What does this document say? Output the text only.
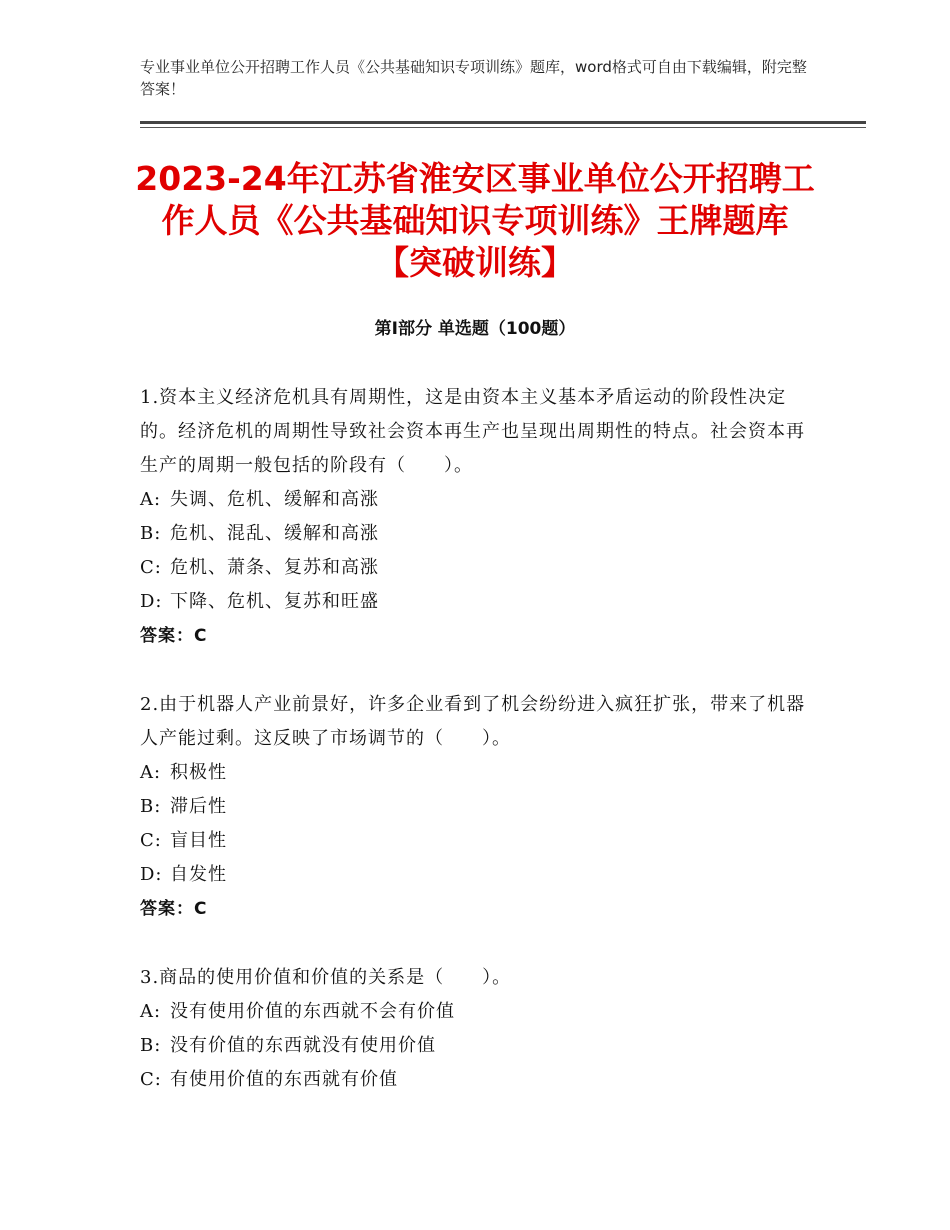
专业事业单位公开招聘工作人员《公共基础知识专项训练》题库，word格式可自由下载编辑，附完整答案！
2023-24年江苏省淮安区事业单位公开招聘工作人员《公共基础知识专项训练》王牌题库【突破训练】
第Ⅰ部分 单选题（100题）

1.资本主义经济危机具有周期性，这是由资本主义基本矛盾运动的阶段性决定的。经济危机的周期性导致社会资本再生产也呈现出周期性的特点。社会资本再生产的周期一般包括的阶段有（　　）。

A: 失调、危机、缓解和高涨

B: 危机、混乱、缓解和高涨

C: 危机、萧条、复苏和高涨

D: 下降、危机、复苏和旺盛

答案：C

2.由于机器人产业前景好，许多企业看到了机会纷纷进入疯狂扩张，带来了机器人产能过剩。这反映了市场调节的（　　）。

A: 积极性

B: 滞后性

C: 盲目性

D: 自发性

答案：C

3.商品的使用价值和价值的关系是（　　）。

A: 没有使用价值的东西就不会有价值

B: 没有价值的东西就没有使用价值

C: 有使用价值的东西就有价值
